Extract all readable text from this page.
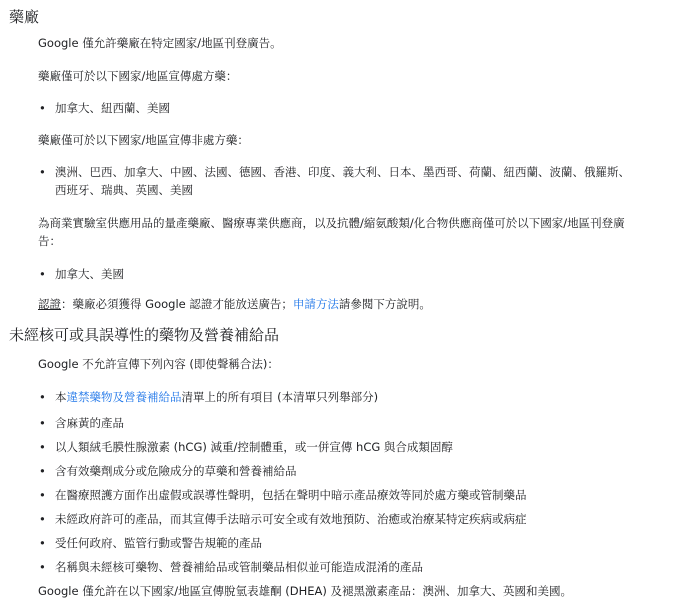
藥廠
Google 僅允許藥廠在特定國家/地區刊登廣告。
藥廠僅可於以下國家/地區宣傳處方藥：
• 加拿大、紐西蘭、美國
藥廠僅可於以下國家/地區宣傳非處方藥：
• 澳洲、巴西、加拿大、中國、法國、德國、香港、印度、義大利、日本、墨西哥、荷蘭、紐西蘭、波蘭、俄羅斯、
西班牙、瑞典、英國、美國
為商業實驗室供應用品的量產藥廠、醫療專業供應商，以及抗體/縮氨酸類/化合物供應商僅可於以下國家/地區刊登廣
告：
• 加拿大、美國
認證：藥廠必須獲得 Google 認證才能放送廣告；申請方法請參閱下方說明。
未經核可或具誤導性的藥物及營養補給品
Google 不允許宣傳下列內容 (即使聲稱合法)：
• 本違禁藥物及營養補給品清單上的所有項目 (本清單只列舉部分)
• 含麻黃的產品
• 以人類絨毛膜性腺激素 (hCG) 減重/控制體重，或一併宣傳 hCG 與合成類固醇
• 含有效藥劑成分或危險成分的草藥和營養補給品
• 在醫療照護方面作出虛假或誤導性聲明，包括在聲明中暗示產品療效等同於處方藥或管制藥品
• 未經政府許可的產品，而其宣傳手法暗示可安全或有效地預防、治癒或治療某特定疾病或病症
• 受任何政府、監管行動或警告規範的產品
• 名稱與未經核可藥物、營養補給品或管制藥品相似並可能造成混淆的產品
Google 僅允許在以下國家/地區宣傳脫氫表雄酮 (DHEA) 及褪黑激素產品：澳洲、加拿大、英國和美國。
